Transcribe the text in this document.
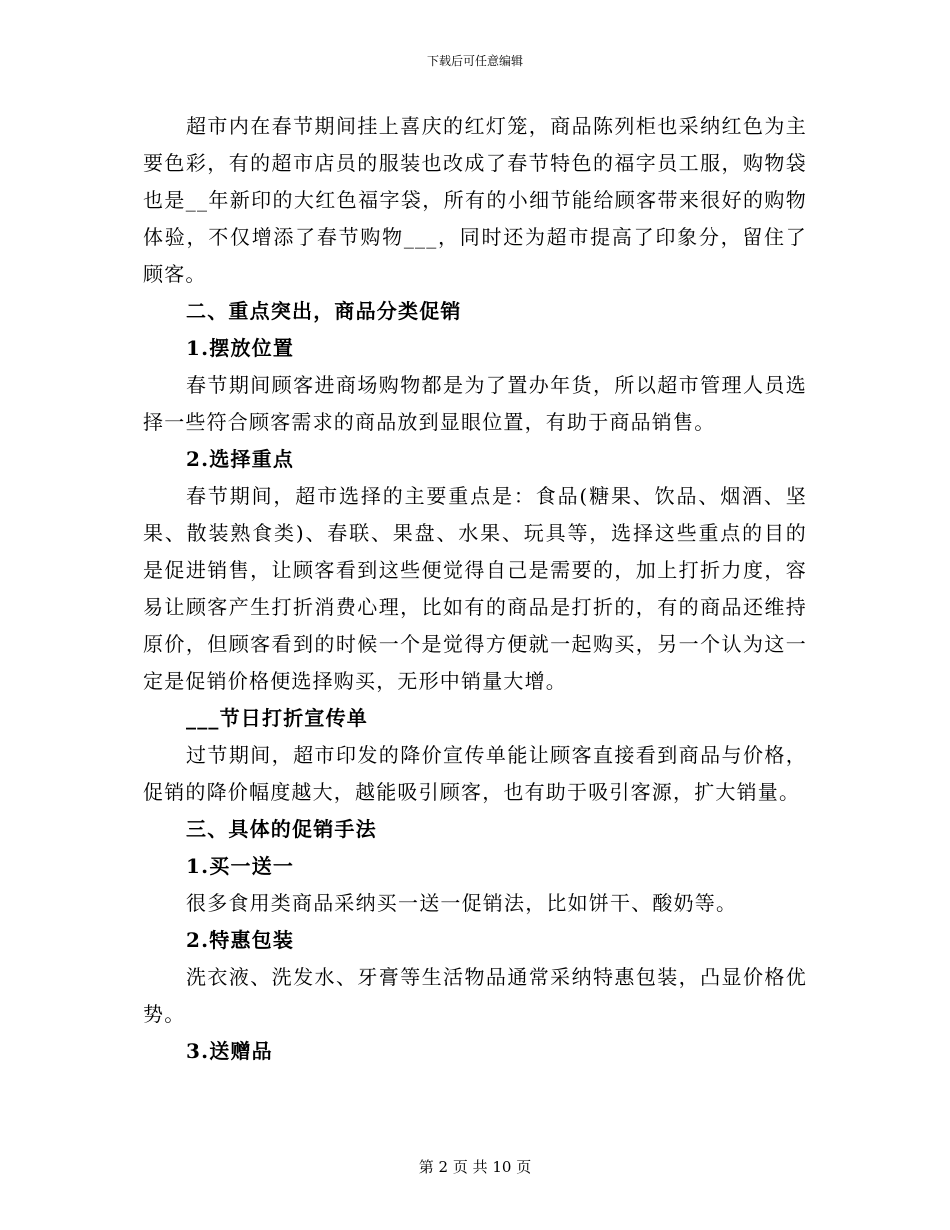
下载后可任意编辑

超市内在春节期间挂上喜庆的红灯笼，商品陈列柜也采纳红色为主要色彩，有的超市店员的服装也改成了春节特色的福字员工服，购物袋也是__年新印的大红色福字袋，所有的小细节能给顾客带来很好的购物体验，不仅增添了春节购物___，同时还为超市提高了印象分，留住了顾客。

二、重点突出，商品分类促销

1.摆放位置

春节期间顾客进商场购物都是为了置办年货，所以超市管理人员选择一些符合顾客需求的商品放到显眼位置，有助于商品销售。

2.选择重点

春节期间，超市选择的主要重点是：食品(糖果、饮品、烟酒、坚果、散装熟食类)、春联、果盘、水果、玩具等，选择这些重点的目的是促进销售，让顾客看到这些便觉得自己是需要的，加上打折力度，容易让顾客产生打折消费心理，比如有的商品是打折的，有的商品还维持原价，但顾客看到的时候一个是觉得方便就一起购买，另一个认为这一定是促销价格便选择购买，无形中销量大增。

___节日打折宣传单

过节期间，超市印发的降价宣传单能让顾客直接看到商品与价格，促销的降价幅度越大，越能吸引顾客，也有助于吸引客源，扩大销量。

三、具体的促销手法

1.买一送一

很多食用类商品采纳买一送一促销法，比如饼干、酸奶等。

2.特惠包装

洗衣液、洗发水、牙膏等生活物品通常采纳特惠包装，凸显价格优势。

3.送赠品

第 2 页 共 10 页
